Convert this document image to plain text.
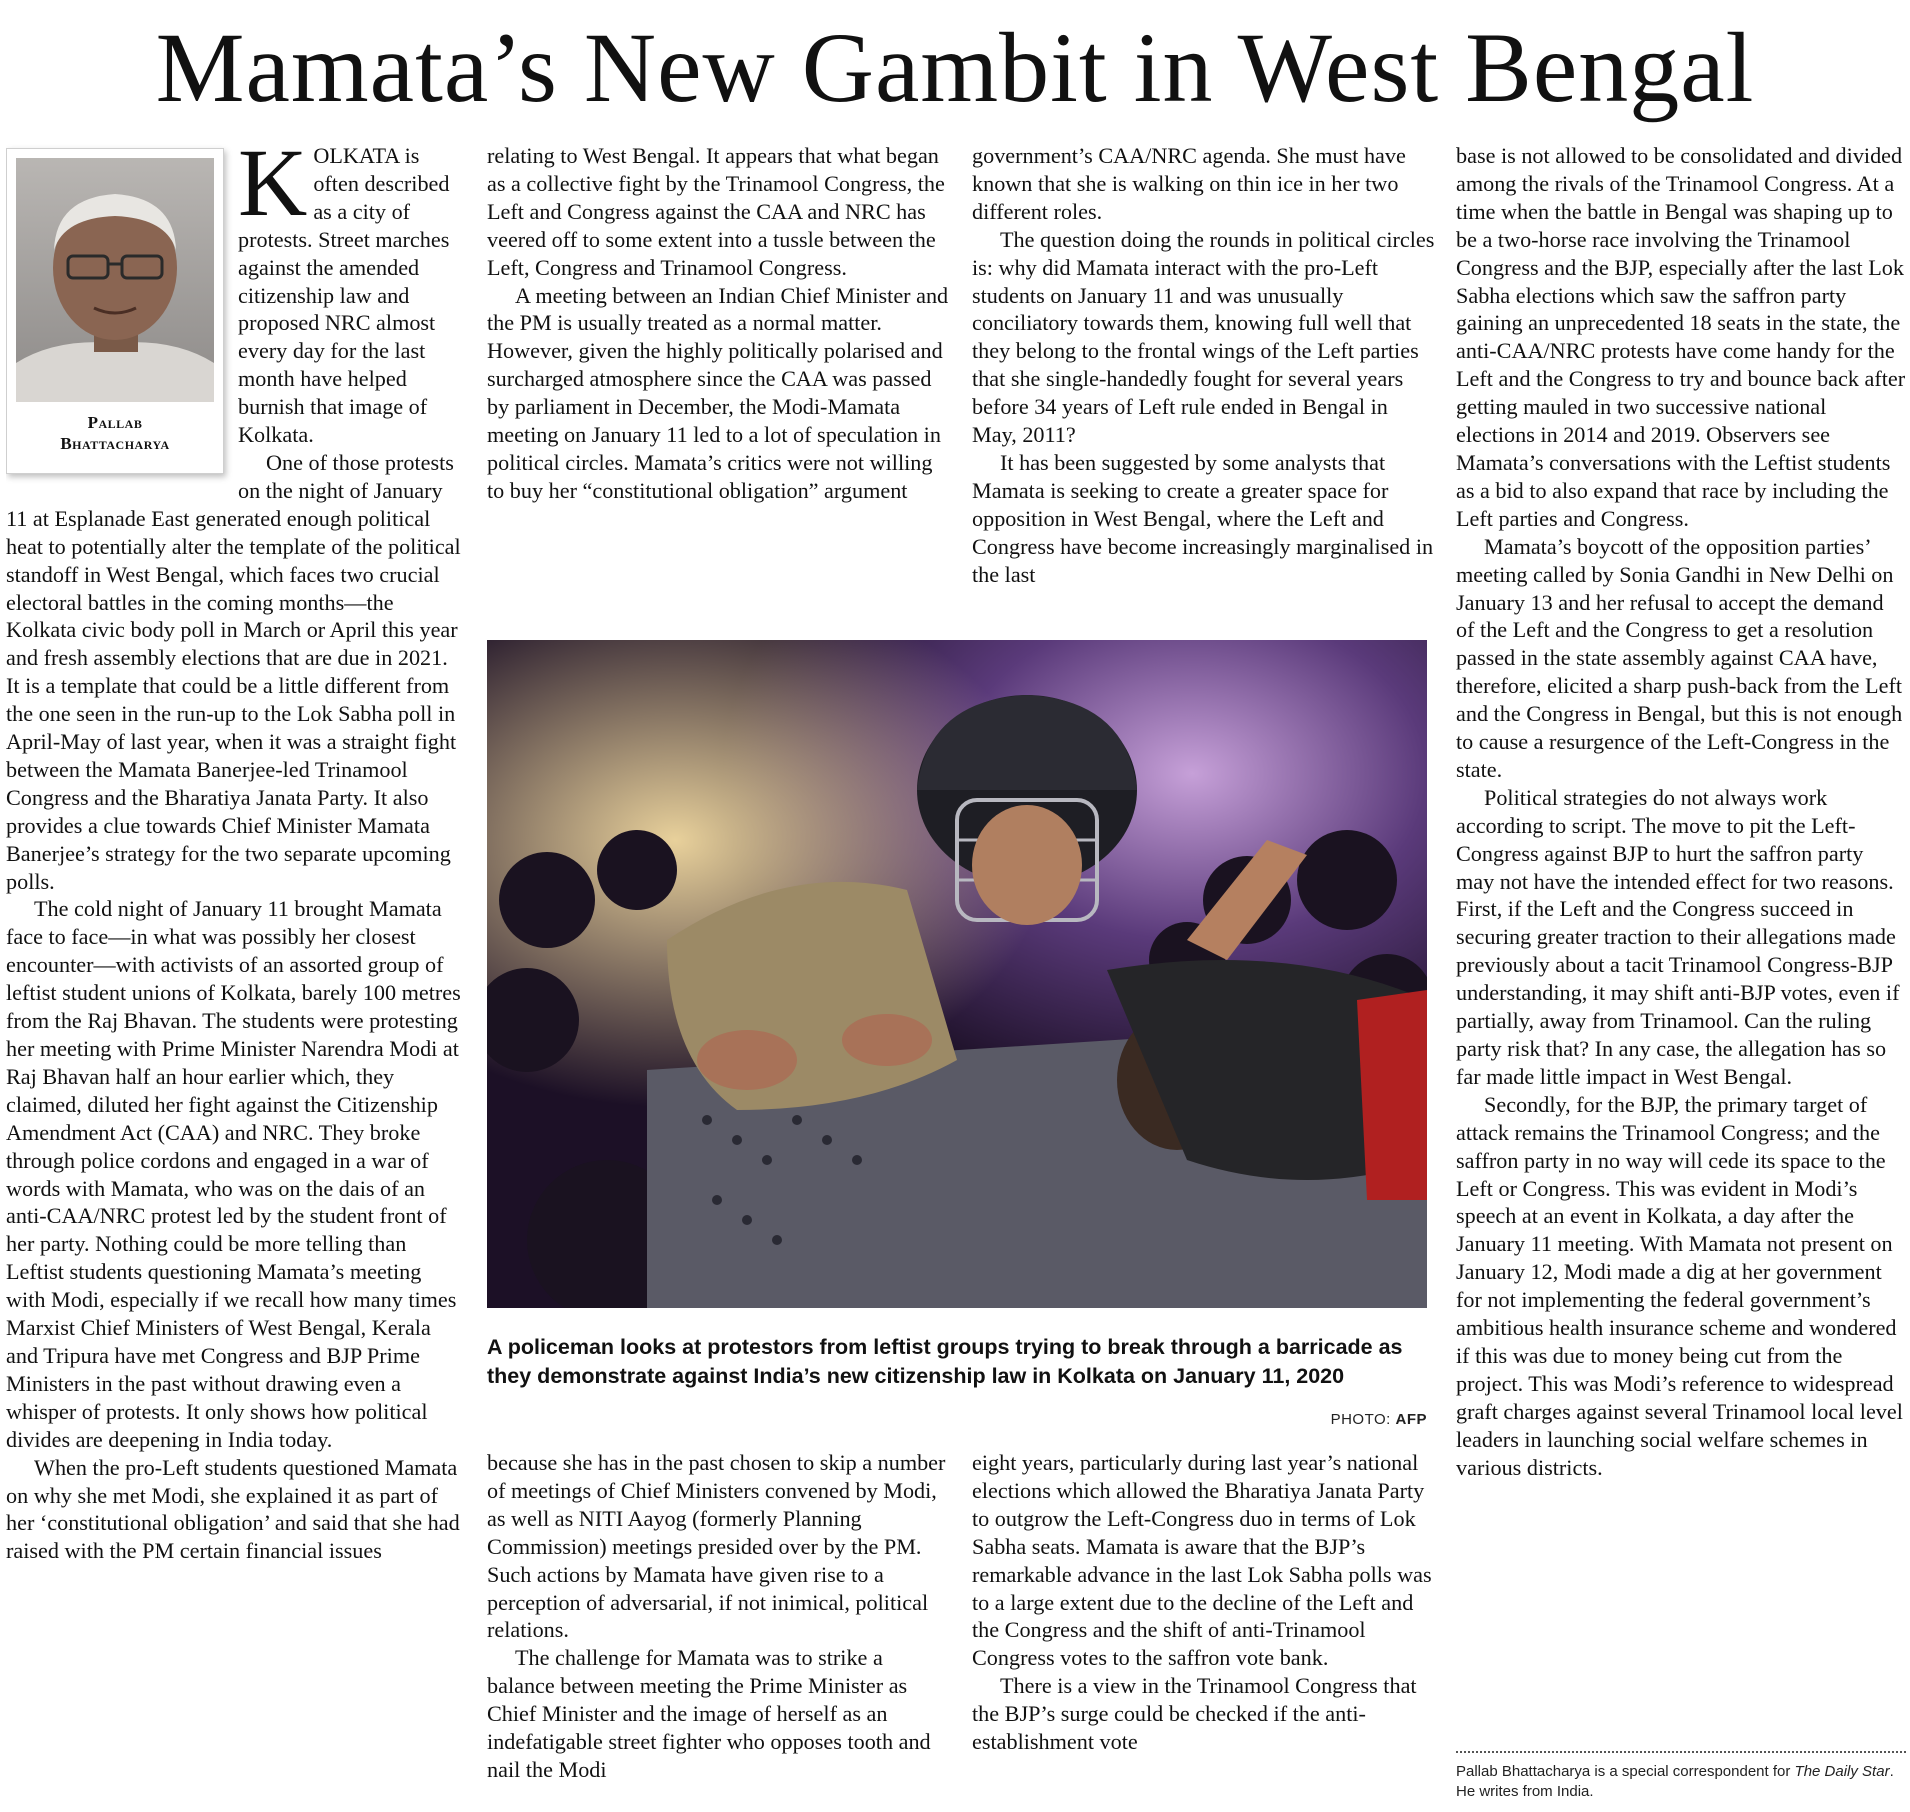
Mamata’s New Gambit in West Bengal
Pallab
Bhattacharya

KOLKATA is often described as a city of protests. Street marches against the amended citizenship law and proposed NRC almost every day for the last month have helped burnish that image of Kolkata.

One of those protests on the night of January 11 at Esplanade East generated enough political heat to potentially alter the template of the political standoff in West Bengal, which faces two crucial electoral battles in the coming months—the Kolkata civic body poll in March or April this year and fresh assembly elections that are due in 2021. It is a template that could be a little different from the one seen in the run-up to the Lok Sabha poll in April-May of last year, when it was a straight fight between the Mamata Banerjee-led Trinamool Congress and the Bharatiya Janata Party. It also provides a clue towards Chief Minister Mamata Banerjee’s strategy for the two separate upcoming polls.

The cold night of January 11 brought Mamata face to face—in what was possibly her closest encounter—with activists of an assorted group of leftist student unions of Kolkata, barely 100 metres from the Raj Bhavan. The students were protesting her meeting with Prime Minister Narendra Modi at Raj Bhavan half an hour earlier which, they claimed, diluted her fight against the Citizenship Amendment Act (CAA) and NRC. They broke through police cordons and engaged in a war of words with Mamata, who was on the dais of an anti-CAA/NRC protest led by the student front of her party. Nothing could be more telling than Leftist students questioning Mamata’s meeting with Modi, especially if we recall how many times Marxist Chief Ministers of West Bengal, Kerala and Tripura have met Congress and BJP Prime Ministers in the past without drawing even a whisper of protests. It only shows how political divides are deepening in India today.

When the pro-Left students questioned Mamata on why she met Modi, she explained it as part of her ‘constitutional obligation’ and said that she had raised with the PM certain financial issues

relating to West Bengal. It appears that what began as a collective fight by the Trinamool Congress, the Left and Congress against the CAA and NRC has veered off to some extent into a tussle between the Left, Congress and Trinamool Congress.

A meeting between an Indian Chief Minister and the PM is usually treated as a normal matter. However, given the highly politically polarised and surcharged atmosphere since the CAA was passed by parliament in December, the Modi-Mamata meeting on January 11 led to a lot of speculation in political circles. Mamata’s critics were not willing to buy her “constitutional obligation” argument

government’s CAA/NRC agenda. She must have known that she is walking on thin ice in her two different roles.

The question doing the rounds in political circles is: why did Mamata interact with the pro-Left students on January 11 and was unusually conciliatory towards them, knowing full well that they belong to the frontal wings of the Left parties that she single-handedly fought for several years before 34 years of Left rule ended in Bengal in May, 2011?

It has been suggested by some analysts that Mamata is seeking to create a greater space for opposition in West Bengal, where the Left and Congress have become increasingly marginalised in the last

A policeman looks at protestors from leftist groups trying to break through a barricade as they demonstrate against India’s new citizenship law in Kolkata on January 11, 2020
PHOTO: AFP

because she has in the past chosen to skip a number of meetings of Chief Ministers convened by Modi, as well as NITI Aayog (formerly Planning Commission) meetings presided over by the PM. Such actions by Mamata have given rise to a perception of adversarial, if not inimical, political relations.

The challenge for Mamata was to strike a balance between meeting the Prime Minister as Chief Minister and the image of herself as an indefatigable street fighter who opposes tooth and nail the Modi

eight years, particularly during last year’s national elections which allowed the Bharatiya Janata Party to outgrow the Left-Congress duo in terms of Lok Sabha seats. Mamata is aware that the BJP’s remarkable advance in the last Lok Sabha polls was to a large extent due to the decline of the Left and the Congress and the shift of anti-Trinamool Congress votes to the saffron vote bank.

There is a view in the Trinamool Congress that the BJP’s surge could be checked if the anti-establishment vote

base is not allowed to be consolidated and divided among the rivals of the Trinamool Congress. At a time when the battle in Bengal was shaping up to be a two-horse race involving the Trinamool Congress and the BJP, especially after the last Lok Sabha elections which saw the saffron party gaining an unprecedented 18 seats in the state, the anti-CAA/NRC protests have come handy for the Left and the Congress to try and bounce back after getting mauled in two successive national elections in 2014 and 2019. Observers see Mamata’s conversations with the Leftist students as a bid to also expand that race by including the Left parties and Congress.

Mamata’s boycott of the opposition parties’ meeting called by Sonia Gandhi in New Delhi on January 13 and her refusal to accept the demand of the Left and the Congress to get a resolution passed in the state assembly against CAA have, therefore, elicited a sharp push-back from the Left and the Congress in Bengal, but this is not enough to cause a resurgence of the Left-Congress in the state.

Political strategies do not always work according to script. The move to pit the Left-Congress against BJP to hurt the saffron party may not have the intended effect for two reasons. First, if the Left and the Congress succeed in securing greater traction to their allegations made previously about a tacit Trinamool Congress-BJP understanding, it may shift anti-BJP votes, even if partially, away from Trinamool. Can the ruling party risk that? In any case, the allegation has so far made little impact in West Bengal.

Secondly, for the BJP, the primary target of attack remains the Trinamool Congress; and the saffron party in no way will cede its space to the Left or Congress. This was evident in Modi’s speech at an event in Kolkata, a day after the January 11 meeting. With Mamata not present on January 12, Modi made a dig at her government for not implementing the federal government’s ambitious health insurance scheme and wondered if this was due to money being cut from the project. This was Modi’s reference to widespread graft charges against several Trinamool local level leaders in launching social welfare schemes in various districts.

Pallab Bhattacharya is a special correspondent for The Daily Star. He writes from India.
